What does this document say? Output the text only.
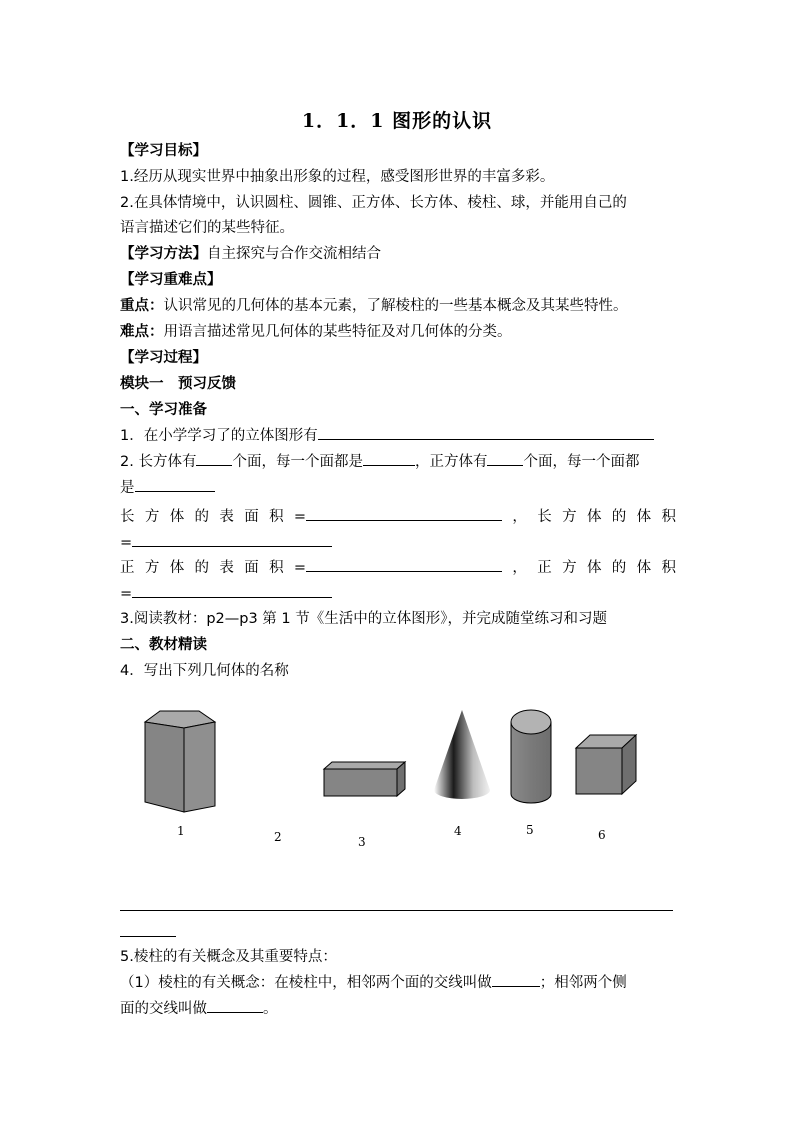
1．1．1 图形的认识
【学习目标】
1.经历从现实世界中抽象出形象的过程，感受图形世界的丰富多彩。
2.在具体情境中，认识圆柱、圆锥、正方体、长方体、棱柱、球，并能用自己的
语言描述它们的某些特征。
【学习方法】自主探究与合作交流相结合
【学习重难点】
重点：认识常见的几何体的基本元素，了解棱柱的一些基本概念及其某些特性。
难点：用语言描述常见几何体的某些特征及对几何体的分类。
【学习过程】
模块一　预习反馈
一、学习准备
1．在小学学习了的立体图形有
2. 长方体有 个面，每一个面都是	，正方体有 个面，每一个面都
是
长 方 体 的 表 面 积 =	， 长 方 体 的 体 积
=
正 方 体 的 表 面 积 =	， 正 方 体 的 体 积
=
3.阅读教材：p2—p3 第 1 节《生活中的立体图形》，并完成随堂练习和习题
二、教材精读
4．写出下列几何体的名称
1	2	3
4	5	6
5.棱柱的有关概念及其重要特点：
（1）棱柱的有关概念：在棱柱中，相邻两个面的交线叫做	；相邻两个侧
面的交线叫做	。
